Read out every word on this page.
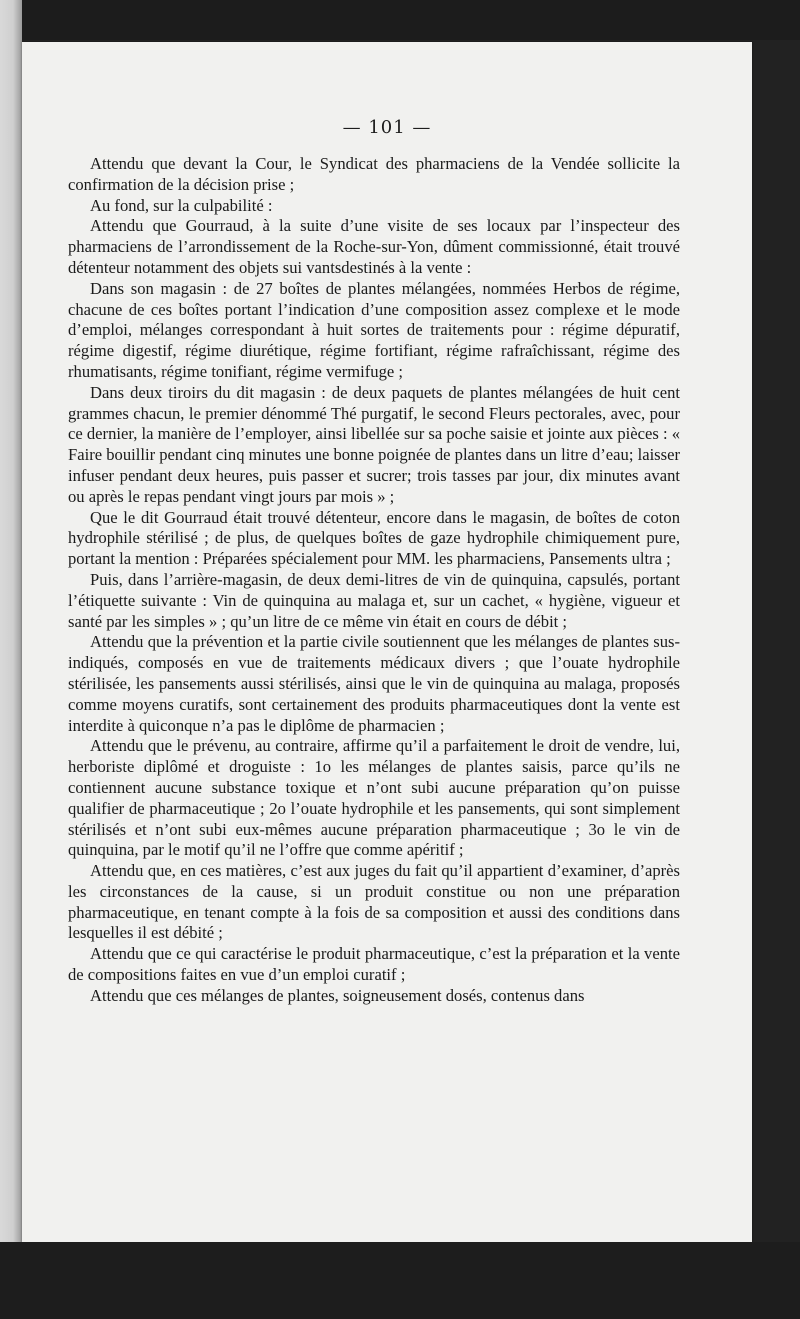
— 101 —

Attendu que devant la Cour, le Syndicat des pharmaciens de la Vendée sollicite la confirmation de la décision prise ;

Au fond, sur la culpabilité :

Attendu que Gourraud, à la suite d’une visite de ses locaux par l’inspecteur des pharmaciens de l’arrondissement de la Roche-sur-Yon, dûment commissionné, était trouvé détenteur notamment des objets sui vantsdestinés à la vente :

Dans son magasin : de 27 boîtes de plantes mélangées, nommées Herbos de régime, chacune de ces boîtes portant l’indication d’une composition assez complexe et le mode d’emploi, mélanges correspondant à huit sortes de traitements pour : régime dépuratif, régime digestif, régime diurétique, régime fortifiant, régime rafraîchissant, régime des rhumatisants, régime tonifiant, régime vermifuge ;

Dans deux tiroirs du dit magasin : de deux paquets de plantes mélangées de huit cent grammes chacun, le premier dénommé Thé purgatif, le second Fleurs pectorales, avec, pour ce dernier, la manière de l’employer, ainsi libellée sur sa poche saisie et jointe aux pièces : « Faire bouillir pendant cinq minutes une bonne poignée de plantes dans un litre d’eau; laisser infuser pendant deux heures, puis passer et sucrer; trois tasses par jour, dix minutes avant ou après le repas pendant vingt jours par mois » ;

Que le dit Gourraud était trouvé détenteur, encore dans le magasin, de boîtes de coton hydrophile stérilisé ; de plus, de quelques boîtes de gaze hydrophile chimiquement pure, portant la mention : Préparées spécialement pour MM. les pharmaciens, Pansements ultra ;

Puis, dans l’arrière-magasin, de deux demi-litres de vin de quinquina, capsulés, portant l’étiquette suivante : Vin de quinquina au malaga et, sur un cachet, « hygiène, vigueur et santé par les simples » ; qu’un litre de ce même vin était en cours de débit ;

Attendu que la prévention et la partie civile soutiennent que les mélanges de plantes sus-indiqués, composés en vue de traitements médicaux divers ; que l’ouate hydrophile stérilisée, les pansements aussi stérilisés, ainsi que le vin de quinquina au malaga, proposés comme moyens curatifs, sont certainement des produits pharmaceutiques dont la vente est interdite à quiconque n’a pas le diplôme de pharmacien ;

Attendu que le prévenu, au contraire, affirme qu’il a parfaitement le droit de vendre, lui, herboriste diplômé et droguiste : 1o les mélanges de plantes saisis, parce qu’ils ne contiennent aucune substance toxique et n’ont subi aucune préparation qu’on puisse qualifier de pharmaceutique ; 2o l’ouate hydrophile et les pansements, qui sont simplement stérilisés et n’ont subi eux-mêmes aucune préparation pharmaceutique ; 3o le vin de quinquina, par le motif qu’il ne l’offre que comme apéritif ;

Attendu que, en ces matières, c’est aux juges du fait qu’il appartient d’examiner, d’après les circonstances de la cause, si un produit constitue ou non une préparation pharmaceutique, en tenant compte à la fois de sa composition et aussi des conditions dans lesquelles il est débité ;

Attendu que ce qui caractérise le produit pharmaceutique, c’est la préparation et la vente de compositions faites en vue d’un emploi curatif ;

Attendu que ces mélanges de plantes, soigneusement dosés, contenus dans
